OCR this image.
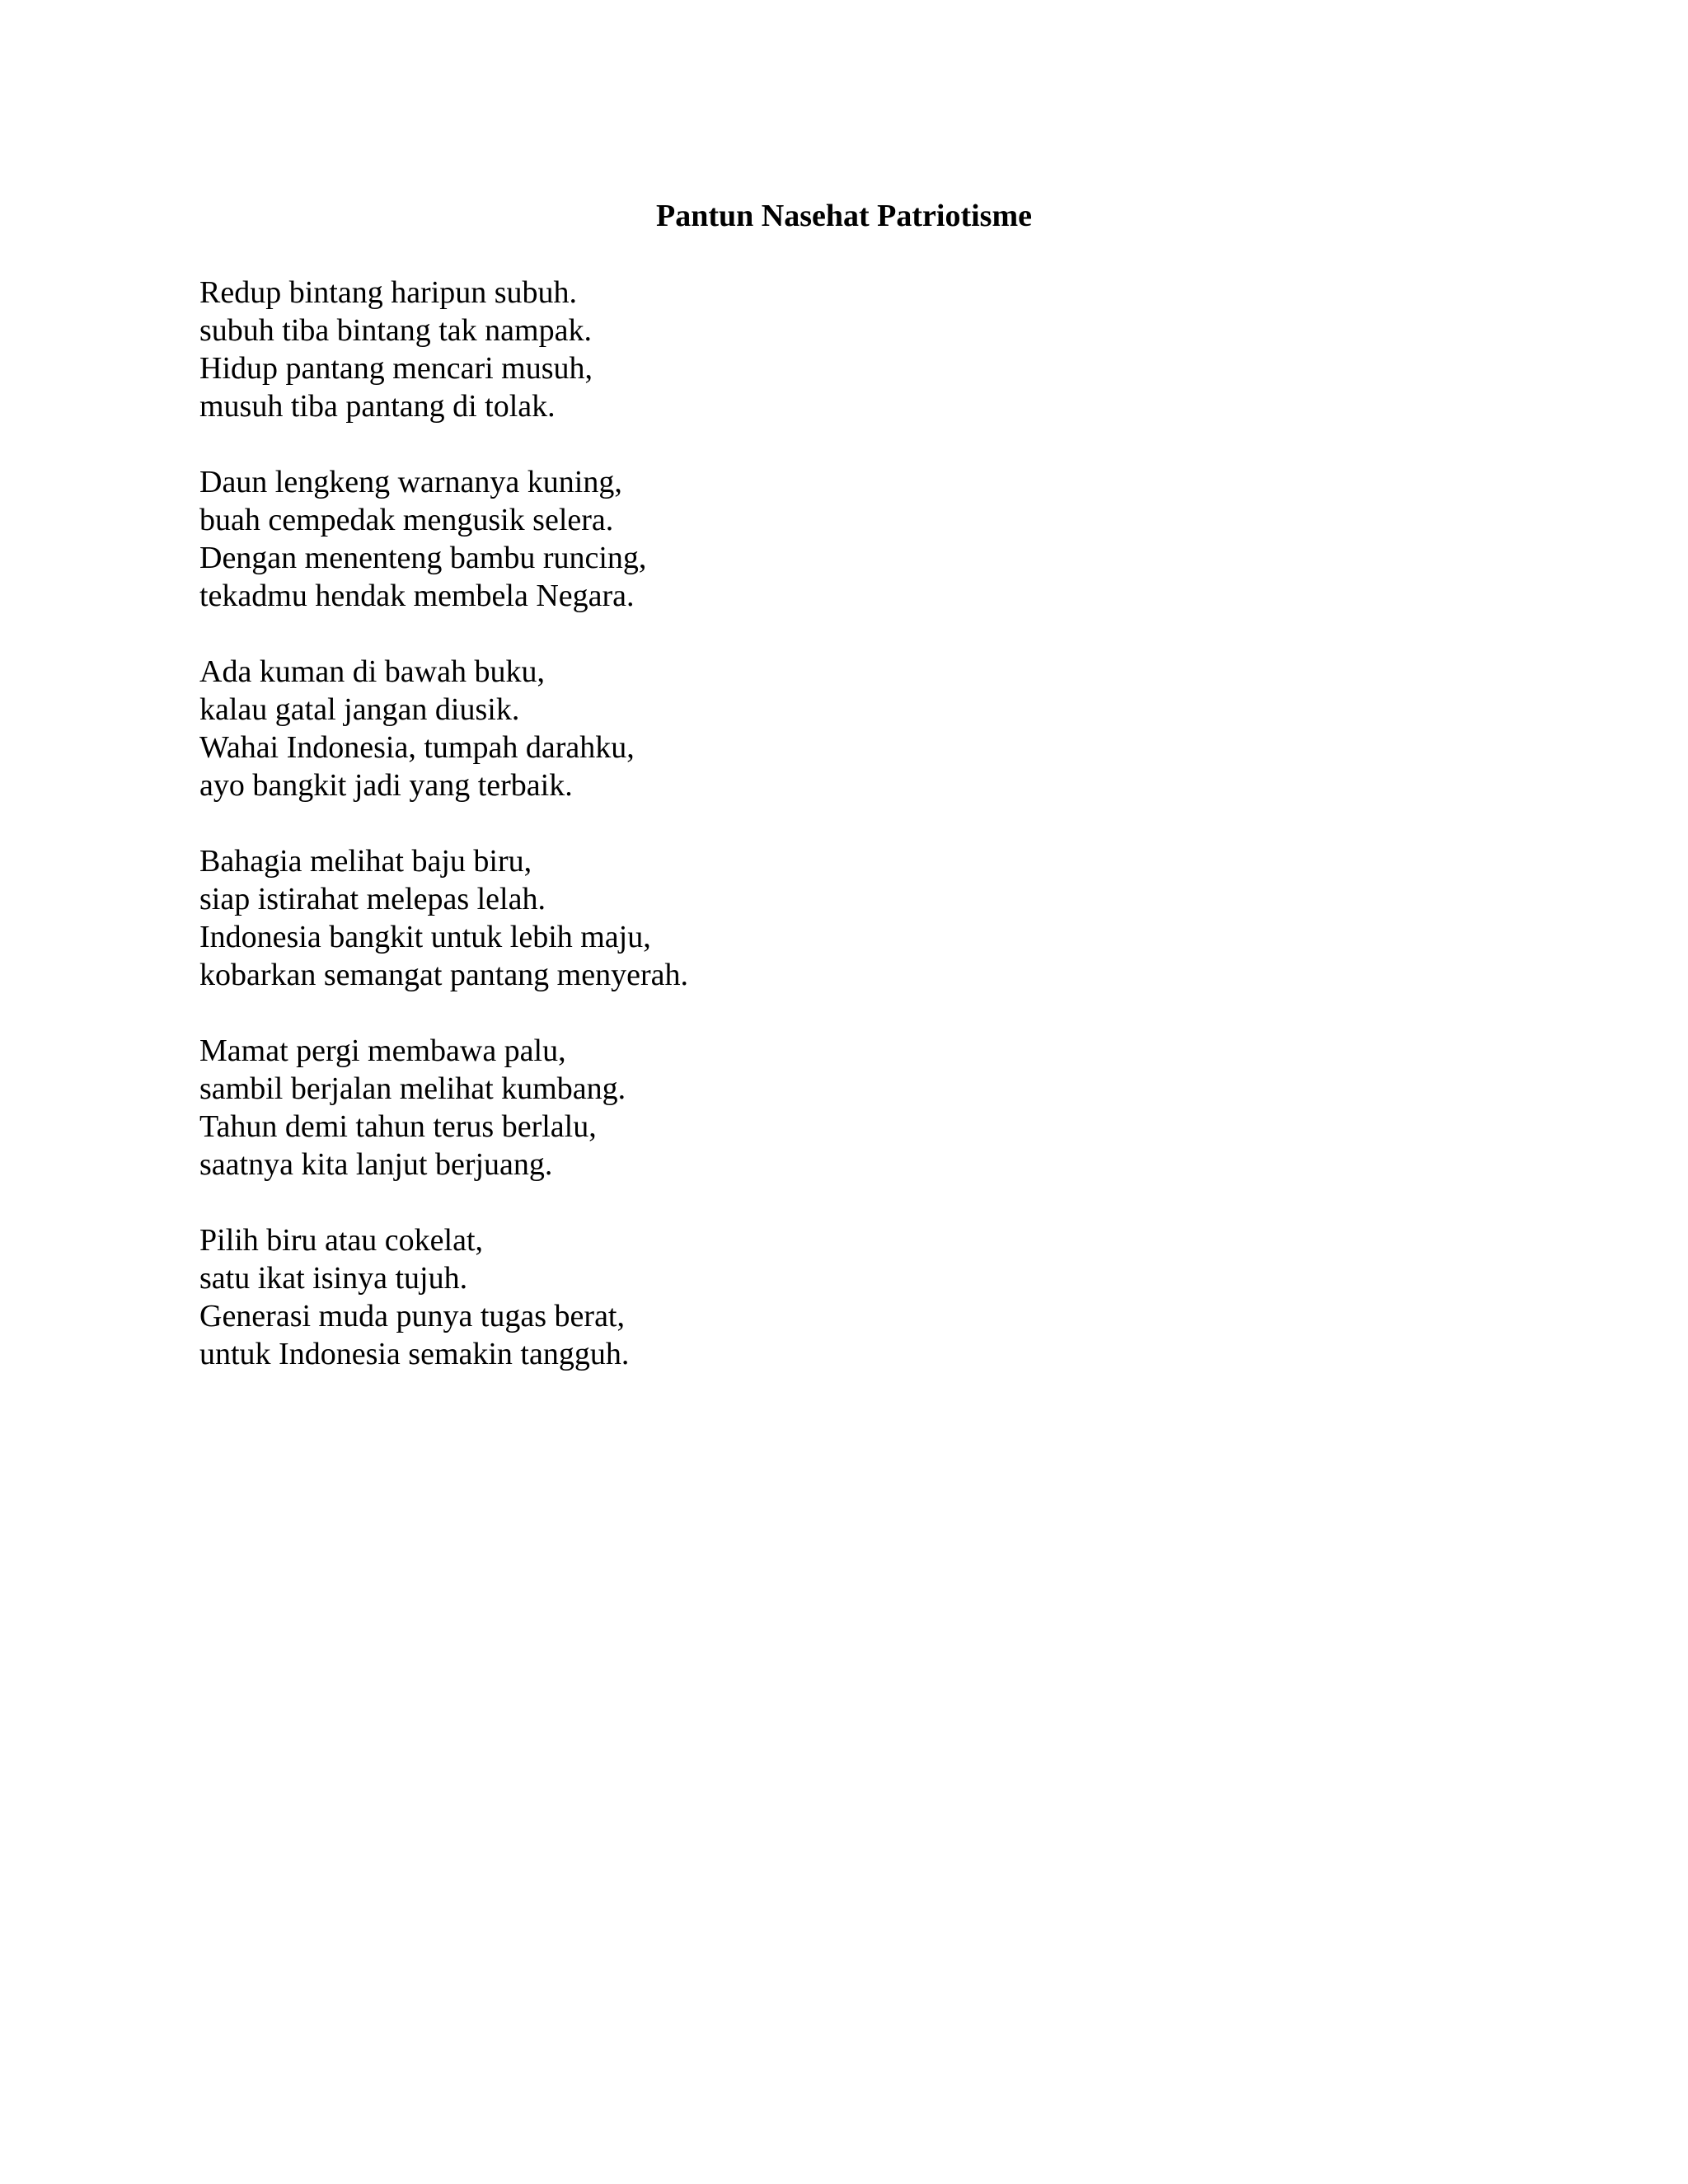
Pantun Nasehat Patriotisme
Redup bintang haripun subuh.
subuh tiba bintang tak nampak.
Hidup pantang mencari musuh,
musuh tiba pantang di tolak.
Daun lengkeng warnanya kuning,
buah cempedak mengusik selera.
Dengan menenteng bambu runcing,
tekadmu hendak membela Negara.
Ada kuman di bawah buku,
kalau gatal jangan diusik.
Wahai Indonesia, tumpah darahku,
ayo bangkit jadi yang terbaik.
Bahagia melihat baju biru,
siap istirahat melepas lelah.
Indonesia bangkit untuk lebih maju,
kobarkan semangat pantang menyerah.
Mamat pergi membawa palu,
sambil berjalan melihat kumbang.
Tahun demi tahun terus berlalu,
saatnya kita lanjut berjuang.
Pilih biru atau cokelat,
satu ikat isinya tujuh.
Generasi muda punya tugas berat,
untuk Indonesia semakin tangguh.
